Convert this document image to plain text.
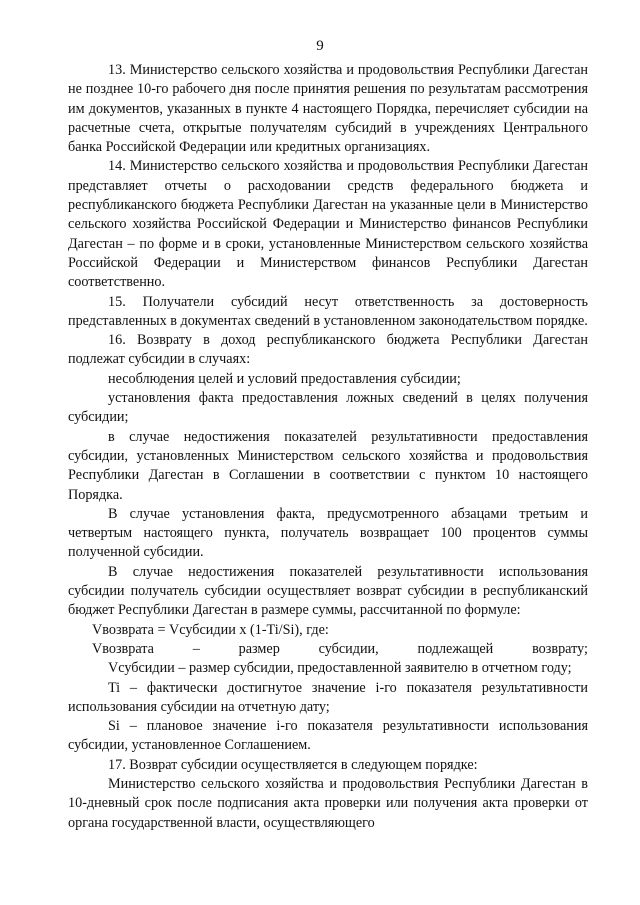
9

13. Министерство сельского хозяйства и продовольствия Республики Дагестан не позднее 10-го рабочего дня после принятия решения по результатам рассмотрения им документов, указанных в пункте 4 настоящего Порядка, перечисляет субсидии на расчетные счета, открытые получателям субсидий в учреждениях Центрального банка Российской Федерации или кредитных организациях.

14. Министерство сельского хозяйства и продовольствия Республики Дагестан представляет отчеты о расходовании средств федерального бюджета и республиканского бюджета Республики Дагестан на указанные цели в Министерство сельского хозяйства Российской Федерации и Министерство финансов Республики Дагестан – по форме и в сроки, установленные Министерством сельского хозяйства Российской Федерации и Министерством финансов Республики Дагестан соответственно.

15. Получатели субсидий несут ответственность за достоверность представленных в документах сведений в установленном законодательством порядке.

16. Возврату в доход республиканского бюджета Республики Дагестан подлежат субсидии в случаях:

несоблюдения целей и условий предоставления субсидии;

установления факта предоставления ложных сведений в целях получения субсидии;

в случае недостижения показателей результативности предоставления субсидии, установленных Министерством сельского хозяйства и продовольствия Республики Дагестан в Соглашении в соответствии с пунктом 10 настоящего Порядка.

В случае установления факта, предусмотренного абзацами третьим и четвертым настоящего пункта, получатель возвращает 100 процентов суммы полученной субсидии.

В случае недостижения показателей результативности использования субсидии получатель субсидии осуществляет возврат субсидии в республиканский бюджет Республики Дагестан в размере суммы, рассчитанной по формуле:

Vвозврата = Vсубсидии x (1-Ti/Si), где:

Vвозврата	–	размер	субсидии,	подлежащей	возврату;

Vсубсидии – размер субсидии, предоставленной заявителю в отчетном году;

Ti – фактически достигнутое значение i-го показателя результативности использования субсидии на отчетную дату;

Si – плановое значение i-го показателя результативности использования субсидии, установленное Соглашением.

17. Возврат субсидии осуществляется в следующем порядке:

Министерство сельского хозяйства и продовольствия Республики Дагестан в 10-дневный срок после подписания акта проверки или получения акта проверки от органа государственной власти, осуществляющего
